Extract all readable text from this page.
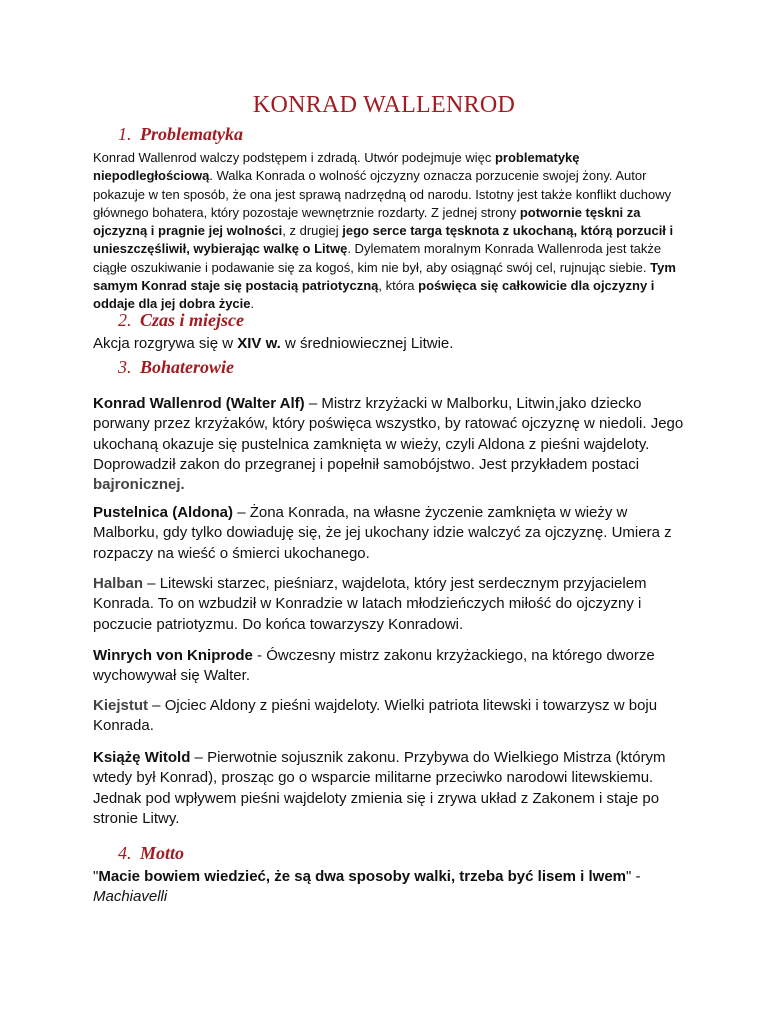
KONRAD WALLENROD
1. Problematyka
Konrad Wallenrod walczy podstępem i zdradą. Utwór podejmuje więc problematykę niepodległościową. Walka Konrada o wolność ojczyzny oznacza porzucenie swojej żony. Autor pokazuje w ten sposób, że ona jest sprawą nadrzędną od narodu. Istotny jest także konflikt duchowy głównego bohatera, który pozostaje wewnętrznie rozdarty. Z jednej strony potwornie tęskni za ojczyzną i pragnie jej wolności, z drugiej jego serce targa tęsknota z ukochaną, którą porzucił i unieszczęśliwił, wybierając walkę o Litwę. Dylematem moralnym Konrada Wallenroda jest także ciągłe oszukiwanie i podawanie się za kogoś, kim nie był, aby osiągnąć swój cel, rujnując siebie. Tym samym Konrad staje się postacią patriotyczną, która poświęca się całkowicie dla ojczyzny i oddaje dla jej dobra życie.
2. Czas i miejsce
Akcja rozgrywa się w XIV w. w średniowiecznej Litwie.
3. Bohaterowie
Konrad Wallenrod (Walter Alf) – Mistrz krzyżacki w Malborku, Litwin,jako dziecko porwany przez krzyżaków, który poświęca wszystko, by ratować ojczyznę w niedoli. Jego ukochaną okazuje się pustelnica zamknięta w wieży, czyli Aldona z pieśni wajdeloty. Doprowadził zakon do przegranej i popełnił samobójstwo. Jest przykładem postaci bajronicznej.
Pustelnica (Aldona) – Żona Konrada, na własne życzenie zamknięta w wieży w Malborku, gdy tylko dowiaduję się, że jej ukochany idzie walczyć za ojczyznę. Umiera z rozpaczy na wieść o śmierci ukochanego.
Halban – Litewski starzec, pieśniarz, wajdelota, który jest serdecznym przyjacielem Konrada. To on wzbudził w Konradzie w latach młodzieńczych miłość do ojczyzny i poczucie patriotyzmu. Do końca towarzyszy Konradowi.
Winrych von Kniprode - Ówczesny mistrz zakonu krzyżackiego, na którego dworze wychowywał się Walter.
Kiejstut – Ojciec Aldony z pieśni wajdeloty. Wielki patriota litewski i towarzysz w boju Konrada.
Książę Witold – Pierwotnie sojusznik zakonu. Przybywa do Wielkiego Mistrza (którym wtedy był Konrad), prosząc go o wsparcie militarne przeciwko narodowi litewskiemu. Jednak pod wpływem pieśni wajdeloty zmienia się i zrywa układ z Zakonem i staje po stronie Litwy.
4. Motto
"Macie bowiem wiedzieć, że są dwa sposoby walki, trzeba być lisem i lwem" - Machiavelli
